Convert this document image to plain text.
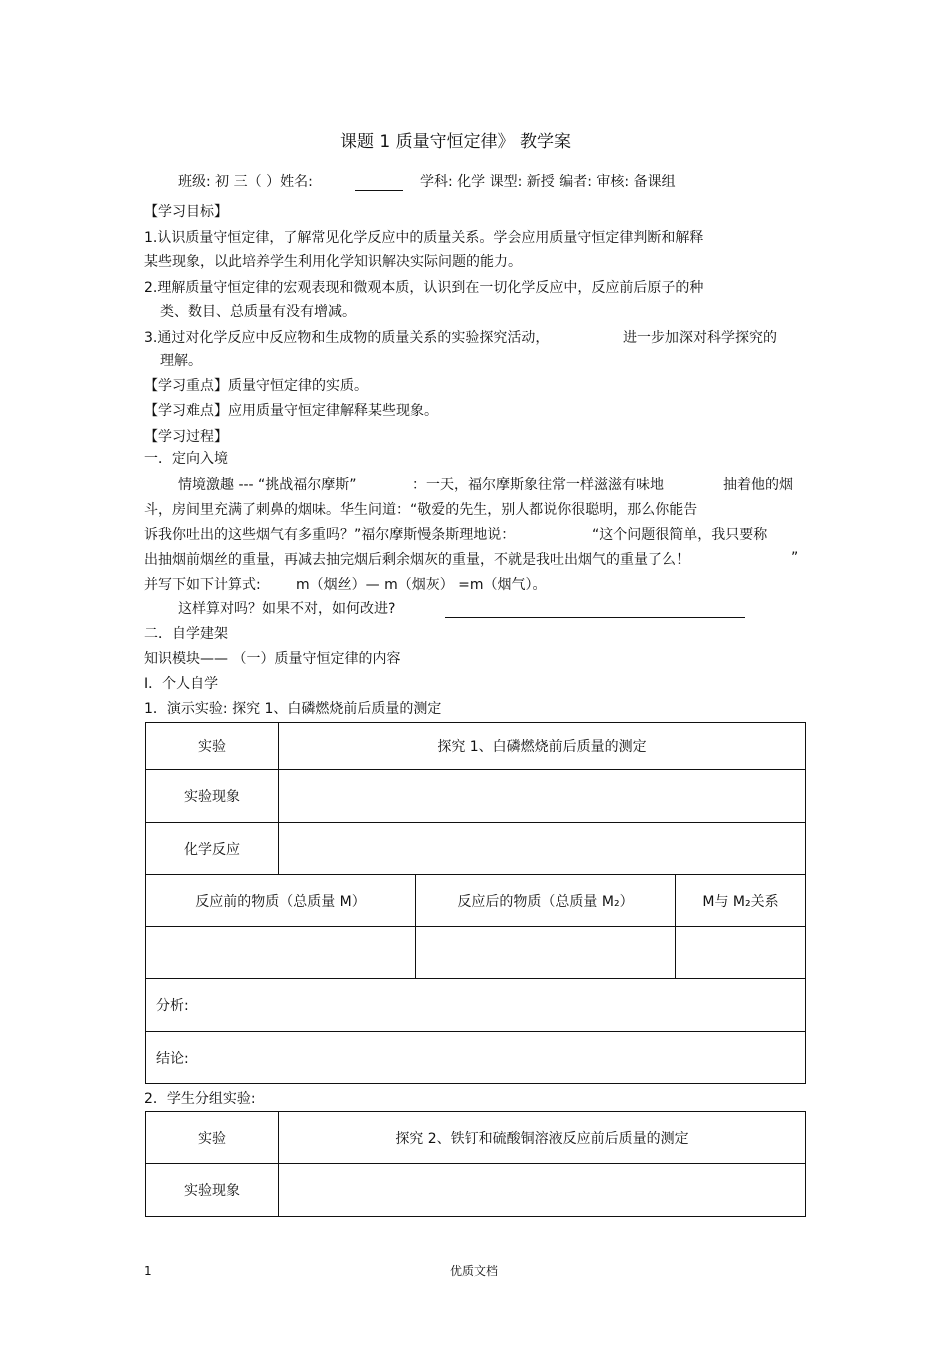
课题 1 质量守恒定律》 教学案
班级: 初 三（ ）姓名:	学科: 化学 课型: 新授 编者: 审核: 备课组
【学习目标】
1.认识质量守恒定律，了解常见化学反应中的质量关系。学会应用质量守恒定律判断和解释
某些现象，以此培养学生利用化学知识解决实际问题的能力。
2.理解质量守恒定律的宏观表现和微观本质，认识到在一切化学反应中，反应前后原子的种
类、数目、总质量有没有增减。
3.通过对化学反应中反应物和生成物的质量关系的实验探究活动，	进一步加深对科学探究的
理解。
【学习重点】质量守恒定律的实质。
【学习难点】应用质量守恒定律解释某些现象。
【学习过程】
一．定向入境
情境激趣 --- “挑战福尔摩斯”	：一天，福尔摩斯象往常一样滋滋有味地	抽着他的烟
斗，房间里充满了刺鼻的烟味。华生问道：“敬爱的先生，别人都说你很聪明，那么你能告
诉我你吐出的这些烟气有多重吗？”福尔摩斯慢条斯理地说：	“这个问题很简单，我只要称
出抽烟前烟丝的重量，再减去抽完烟后剩余烟灰的重量，不就是我吐出烟气的重量了么！	”
并写下如下计算式:	m（烟丝）— m（烟灰） =m（烟气）。
这样算对吗？如果不对，如何改进?
二．自学建架
知识模块—— （一）质量守恒定律的内容
Ⅰ．个人自学
1．演示实验: 探究 1、白磷燃烧前后质量的测定
实验	探究 1、白磷燃烧前后质量的测定		
实验现象			
化学反应			
反应前的物质（总质量 M）		反应后的物质（总质量 M₂）	M与 M₂关系

分析:			
结论:			
2．学生分组实验:
实验	探究 2、铁钉和硫酸铜溶液反应前后质量的测定
实验现象	
1	优质文档
